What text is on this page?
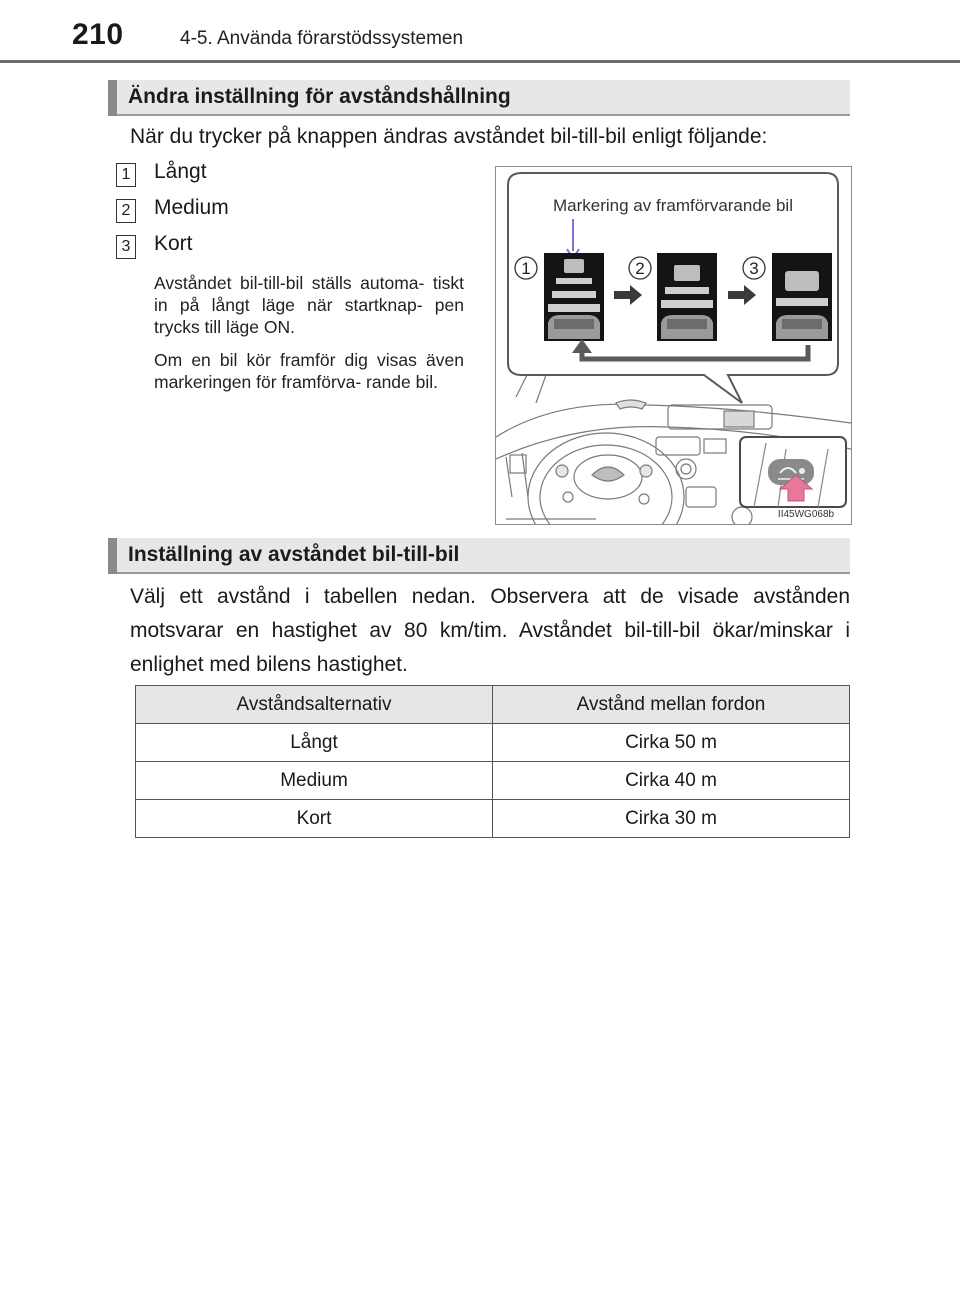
210	4-5. Använda förarstödssystemen
Ändra inställning för avståndshållning
När du trycker på knappen ändras avståndet bil-till-bil enligt följande:
1 Långt
2 Medium
3 Kort
Avståndet bil-till-bil ställs automa- tiskt in på långt läge när startknap- pen trycks till läge ON.
Om en bil kör framför dig visas även markeringen för framförva- rande bil.
Markering av framförvarande bil
1	2	3
II45WG068b
Inställning av avståndet bil-till-bil
Välj ett avstånd i tabellen nedan. Observera att de visade avstånden motsvarar en hastighet av 80 km/tim. Avståndet bil-till-bil ökar/minskar i enlighet med bilens hastighet.
Avståndsalternativ	Avstånd mellan fordon
Långt	Cirka 50 m
Medium	Cirka 40 m
Kort	Cirka 30 m
